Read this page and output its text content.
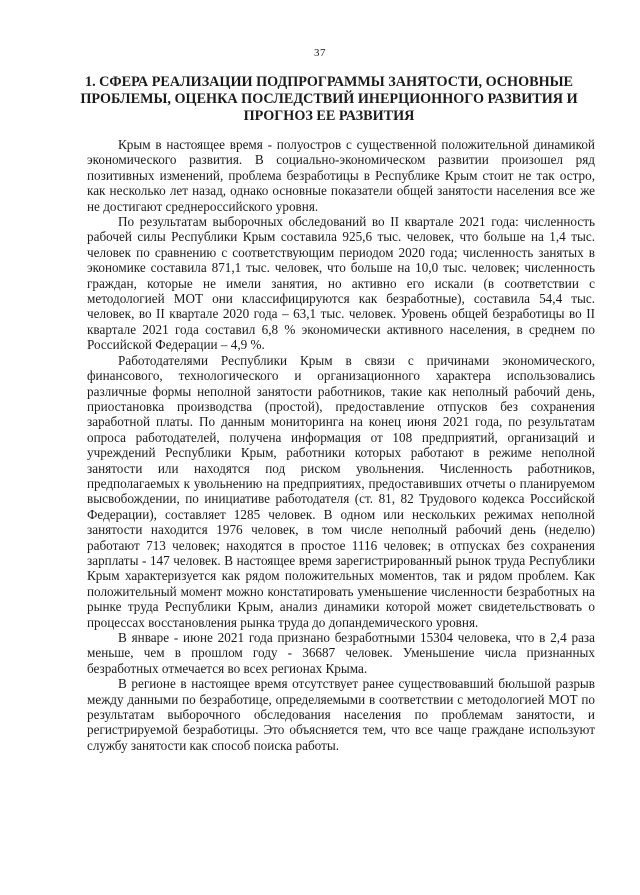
37
1. СФЕРА РЕАЛИЗАЦИИ ПОДПРОГРАММЫ ЗАНЯТОСТИ, ОСНОВНЫЕ ПРОБЛЕМЫ, ОЦЕНКА ПОСЛЕДСТВИЙ ИНЕРЦИОННОГО РАЗВИТИЯ И ПРОГНОЗ ЕЕ РАЗВИТИЯ

Крым в настоящее время - полуостров с существенной положительной динамикой экономического развития. В социально-экономическом развитии произошел ряд позитивных изменений, проблема безработицы в Республике Крым стоит не так остро, как несколько лет назад, однако основные показатели общей занятости населения все же не достигают среднероссийского уровня.

По результатам выборочных обследований во II квартале 2021 года: численность рабочей силы Республики Крым составила 925,6 тыс. человек, что больше на 1,4 тыс. человек по сравнению с соответствующим периодом 2020 года; численность занятых в экономике составила 871,1 тыс. человек, что больше на 10,0 тыс. человек; численность граждан, которые не имели занятия, но активно его искали (в соответствии с методологией МОТ они классифицируются как безработные), составила 54,4 тыс. человек, во II квартале 2020 года – 63,1 тыс. человек. Уровень общей безработицы во II квартале 2021 года составил 6,8 % экономически активного населения, в среднем по Российской Федерации – 4,9 %.

Работодателями Республики Крым в связи с причинами экономического, финансового, технологического и организационного характера использовались различные формы неполной занятости работников, такие как неполный рабочий день, приостановка производства (простой), предоставление отпусков без сохранения заработной платы. По данным мониторинга на конец июня 2021 года, по результатам опроса работодателей, получена информация от 108 предприятий, организаций и учреждений Республики Крым, работники которых работают в режиме неполной занятости или находятся под риском увольнения. Численность работников, предполагаемых к увольнению на предприятиях, предоставивших отчеты о планируемом высвобождении, по инициативе работодателя (ст. 81, 82 Трудового кодекса Российской Федерации), составляет 1285 человек. В одном или нескольких режимах неполной занятости находится 1976 человек, в том числе неполный рабочий день (неделю) работают 713 человек; находятся в простое 1116 человек; в отпусках без сохранения зарплаты - 147 человек. В настоящее время зарегистрированный рынок труда Республики Крым характеризуется как рядом положительных моментов, так и рядом проблем. Как положительный момент можно констатировать уменьшение численности безработных на рынке труда Республики Крым, анализ динамики которой может свидетельствовать о процессах восстановления рынка труда до допандемического уровня.

В январе - июне 2021 года признано безработными 15304 человека, что в 2,4 раза меньше, чем в прошлом году - 36687 человек. Уменьшение числа признанных безработных отмечается во всех регионах Крыма.

В регионе в настоящее время отсутствует ранее существовавший бюльшой разрыв между данными по безработице, определяемыми в соответствии с методологией МОТ по результатам выборочного обследования населения по проблемам занятости, и регистрируемой безработицы. Это объясняется тем, что все чаще граждане используют службу занятости как способ поиска работы.
